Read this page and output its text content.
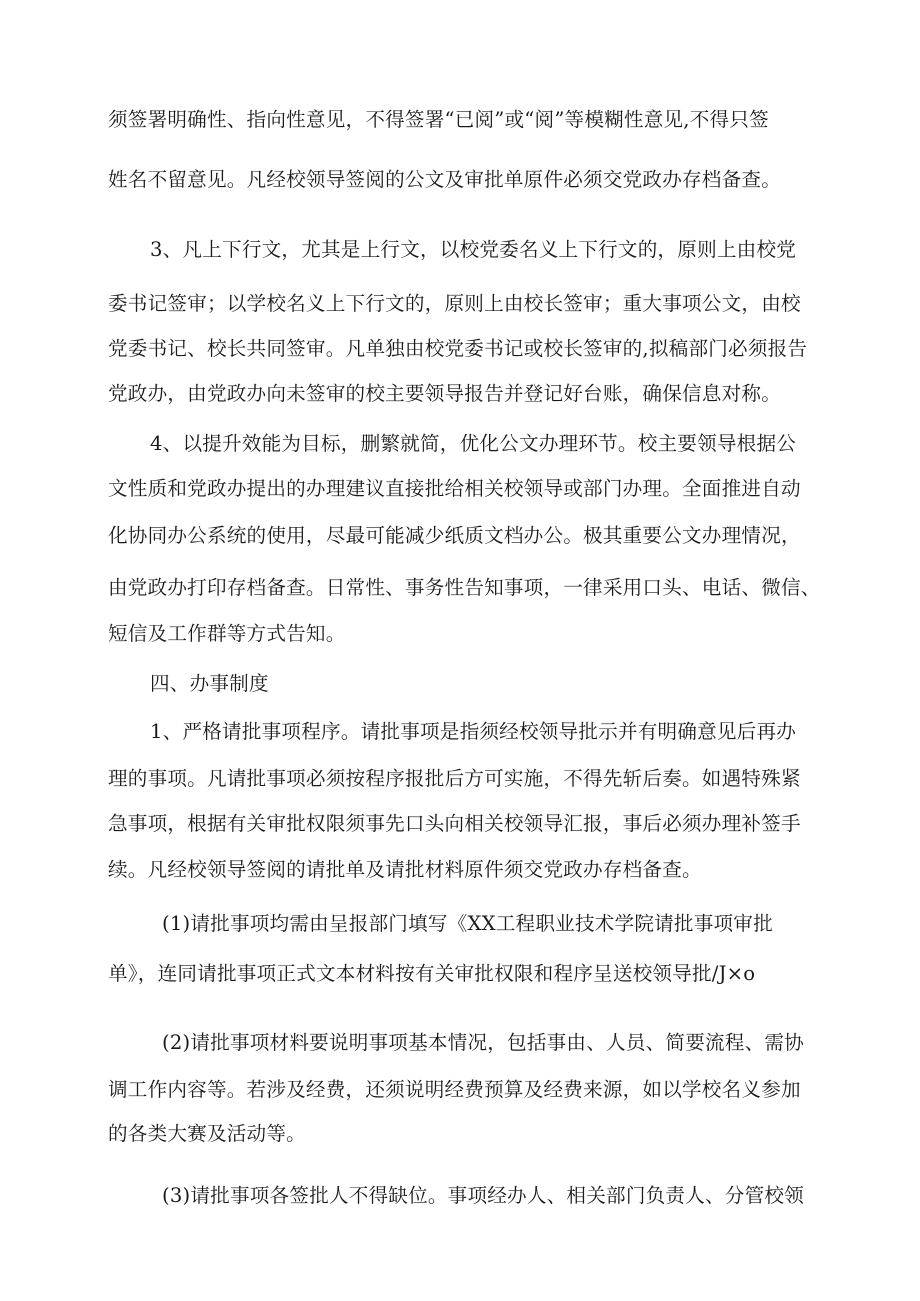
须签署明确性、指向性意见，不得签署“已阅”或“阅”等模糊性意见,不得只签
姓名不留意见。凡经校领导签阅的公文及审批单原件必须交党政办存档备查。
3、凡上下行文，尤其是上行文，以校党委名义上下行文的，原则上由校党
委书记签审；以学校名义上下行文的，原则上由校长签审；重大事项公文，由校
党委书记、校长共同签审。凡单独由校党委书记或校长签审的,拟稿部门必须报告
党政办，由党政办向未签审的校主要领导报告并登记好台账，确保信息对称。
4、以提升效能为目标，删繁就简，优化公文办理环节。校主要领导根据公
文性质和党政办提出的办理建议直接批给相关校领导或部门办理。全面推进自动
化协同办公系统的使用，尽最可能减少纸质文档办公。极其重要公文办理情况，
由党政办打印存档备查。日常性、事务性告知事项，一律采用口头、电话、微信、
短信及工作群等方式告知。
四、办事制度
1、严格请批事项程序。请批事项是指须经校领导批示并有明确意见后再办
理的事项。凡请批事项必须按程序报批后方可实施，不得先斩后奏。如遇特殊紧
急事项，根据有关审批权限须事先口头向相关校领导汇报，事后必须办理补签手
续。凡经校领导签阅的请批单及请批材料原件须交党政办存档备查。
(1)请批事项均需由呈报部门填写《XX工程职业技术学院请批事项审批
单》，连同请批事项正式文本材料按有关审批权限和程序呈送校领导批/J×o
(2)请批事项材料要说明事项基本情况，包括事由、人员、简要流程、需协
调工作内容等。若涉及经费，还须说明经费预算及经费来源，如以学校名义参加
的各类大赛及活动等。
(3)请批事项各签批人不得缺位。事项经办人、相关部门负责人、分管校领
